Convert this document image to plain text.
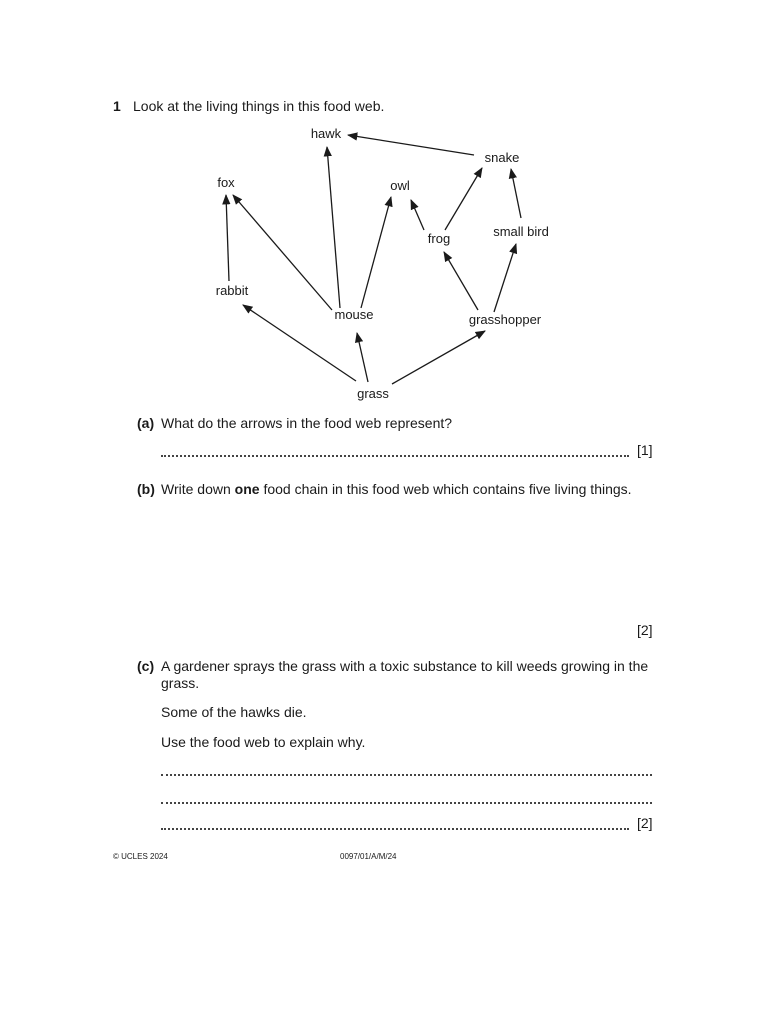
1 Look at the living things in this food web.
hawk
snake
fox	owl
frog	small bird
rabbit
mouse	grasshopper
grass
(a) What do the arrows in the food web represent?
[1]
(b) Write down one food chain in this food web which contains five living things.
[2]
(c) A gardener sprays the grass with a toxic substance to kill weeds growing in the grass.
Some of the hawks die.
Use the food web to explain why.
[2]
© UCLES 2024	0097/01/A/M/24
